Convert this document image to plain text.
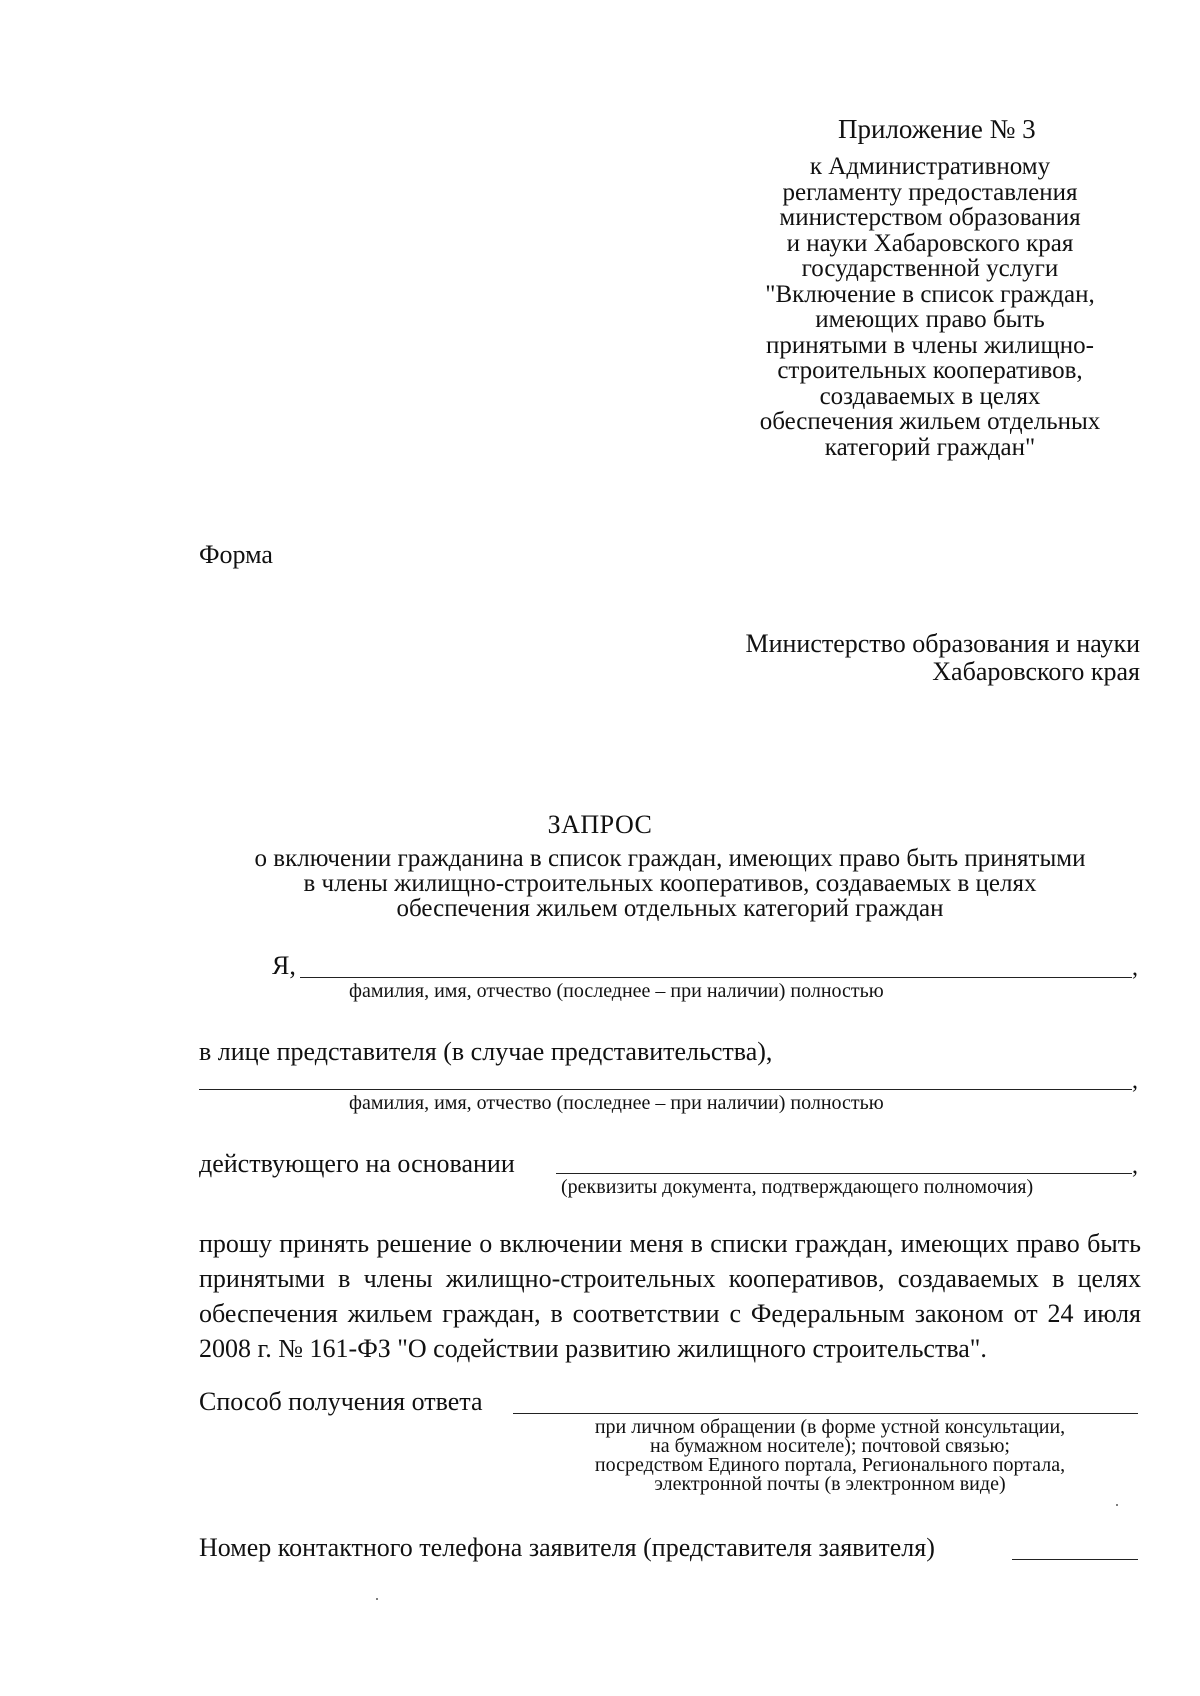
Приложение № 3
к Административному
регламенту предоставления
министерством образования
и науки Хабаровского края
государственной услуги
"Включение в список граждан,
имеющих право быть
принятыми в члены жилищно-
строительных кооперативов,
создаваемых в целях
обеспечения жильем отдельных
категорий граждан"
Форма
Министерство образования и науки
Хабаровского края
ЗАПРОС
о включении гражданина в список граждан, имеющих право быть принятыми
в члены жилищно-строительных кооперативов, создаваемых в целях
обеспечения жильем отдельных категорий граждан
Я,	,
фамилия, имя, отчество (последнее – при наличии) полностью
в лице представителя (в случае представительства),
,
фамилия, имя, отчество (последнее – при наличии) полностью
действующего на основании	,
(реквизиты документа, подтверждающего полномочия)
прошу принять решение о включении меня в списки граждан, имеющих право быть принятыми в члены жилищно-строительных кооперативов, создаваемых в целях обеспечения жильем граждан, в соответствии с Федеральным законом от 24 июля 2008 г. № 161-ФЗ "О содействии развитию жилищного строительства".
Способ получения ответа
при личном обращении (в форме устной консультации,
на бумажном носителе); почтовой связью;
посредством Единого портала, Регионального портала,
электронной почты (в электронном виде)
Номер контактного телефона заявителя (представителя заявителя)
